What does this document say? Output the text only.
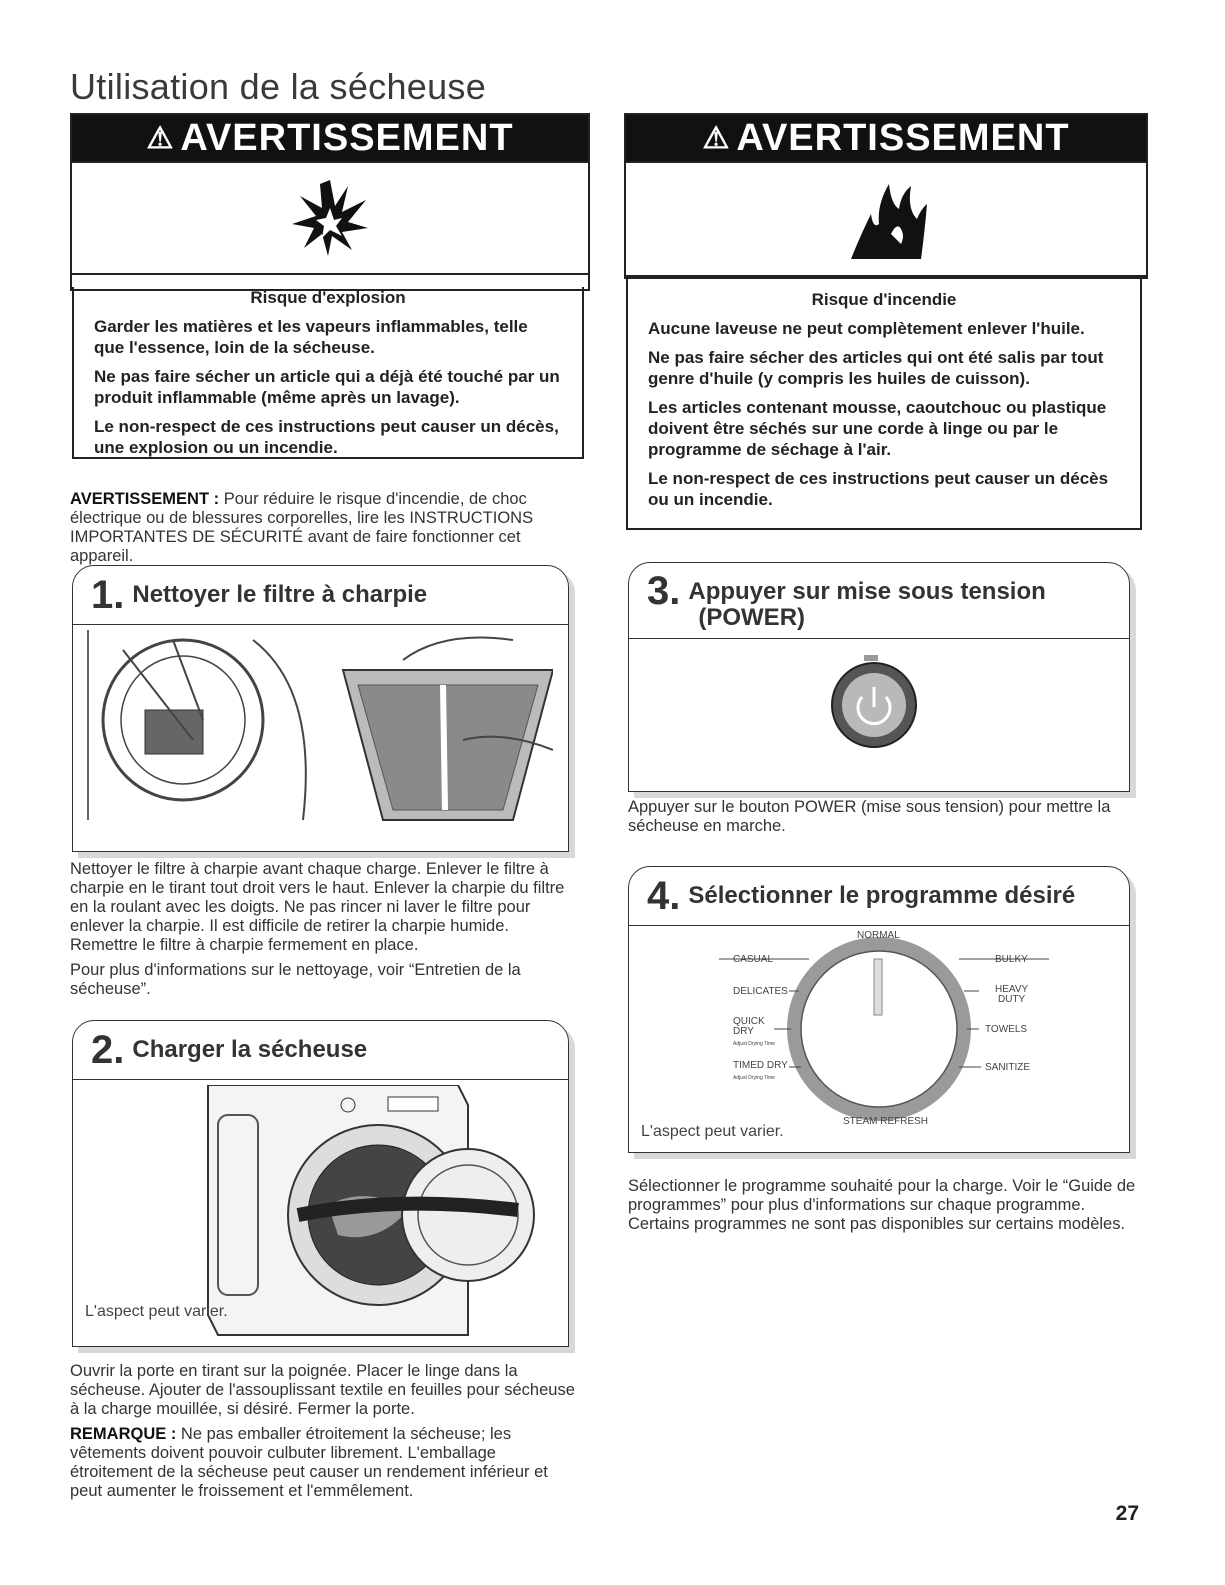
Utilisation de la sécheuse
⚠ AVERTISSEMENT
Risque d'explosion

Garder les matières et les vapeurs inflammables, telle que l'essence, loin de la sécheuse.

Ne pas faire sécher un article qui a déjà été touché par un produit inflammable (même après un lavage).

Le non-respect de ces instructions peut causer un décès, une explosion ou un incendie.

AVERTISSEMENT : Pour réduire le risque d'incendie, de choc électrique ou de blessures corporelles, lire les INSTRUCTIONS IMPORTANTES DE SÉCURITÉ avant de faire fonctionner cet appareil.
1. Nettoyer le filtre à charpie

Nettoyer le filtre à charpie avant chaque charge. Enlever le filtre à charpie en le tirant tout droit vers le haut. Enlever la charpie du filtre en la roulant avec les doigts. Ne pas rincer ni laver le filtre pour enlever la charpie. Il est difficile de retirer la charpie humide. Remettre le filtre à charpie fermement en place.

Pour plus d'informations sur le nettoyage, voir “Entretien de la sécheuse”.

2. Charger la sécheuse
L'aspect peut varier.

Ouvrir la porte en tirant sur la poignée. Placer le linge dans la sécheuse. Ajouter de l'assouplissant textile en feuilles pour sécheuse à la charge mouillée, si désiré. Fermer la porte.

REMARQUE : Ne pas emballer étroitement la sécheuse; les vêtements doivent pouvoir culbuter librement. L'emballage étroitement de la sécheuse peut causer un rendement inférieur et peut aumenter le froissement et l'emmêlement.

⚠ AVERTISSEMENT
Risque d'incendie

Aucune laveuse ne peut complètement enlever l'huile.

Ne pas faire sécher des articles qui ont été salis par tout genre d'huile (y compris les huiles de cuisson).

Les articles contenant mousse, caoutchouc ou plastique doivent être séchés sur une corde à linge ou par le programme de séchage à l'air.

Le non-respect de ces instructions peut causer un décès ou un incendie.

3. Appuyer sur mise sous tension
(POWER)

Appuyer sur le bouton POWER (mise sous tension) pour mettre la sécheuse en marche.

4. Sélectionner le programme désiré
NORMAL
CASUAL
DELICATES
QUICK
DRY
Adjust Drying Time
TIMED DRY
Adjust Drying Time
BULKY
HEAVY
DUTY
TOWELS
SANITIZE
STEAM REFRESH
L'aspect peut varier.

Sélectionner le programme souhaité pour la charge. Voir le “Guide de programmes” pour plus d'informations sur chaque programme. Certains programmes ne sont pas disponibles sur certains modèles.

27
